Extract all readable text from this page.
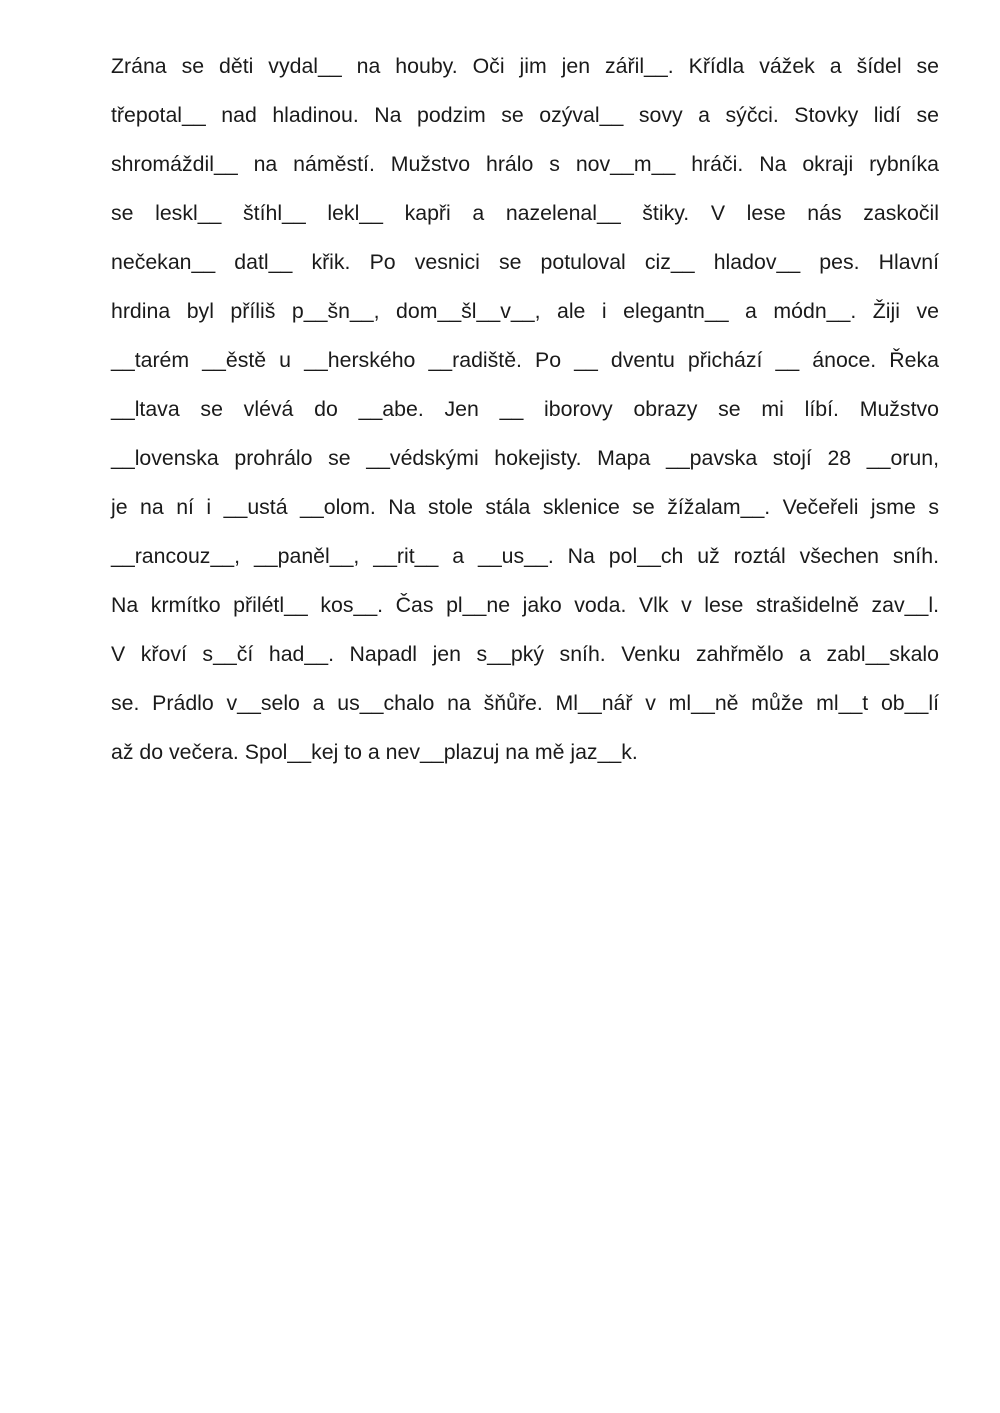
Zrána se děti vydal__ na houby. Oči jim jen zářil__. Křídla vážek a šídel se
třepotal__ nad hladinou. Na podzim se ozýval__ sovy a sýčci. Stovky lidí se
shromáždil__ na náměstí. Mužstvo hrálo s nov__m__ hráči. Na okraji rybníka
se leskl__ štíhl__ lekl__ kapři a nazelenal__ štiky. V lese nás zaskočil
nečekan__ datl__ křik. Po vesnici se potuloval ciz__ hladov__ pes. Hlavní
hrdina byl příliš p__šn__, dom__šl__v__, ale i elegantn__ a módn__. Žiji ve
__tarém __ěstě u __herského __radiště. Po __ dventu přichází __ ánoce. Řeka
__ltava se vlévá do __abe. Jen __ iborovy obrazy se mi líbí. Mužstvo
__lovenska prohrálo se __védskými hokejisty. Mapa __pavska stojí 28 __orun,
je na ní i __ustá __olom. Na stole stála sklenice se žížalam__. Večeřeli jsme s
__rancouz__, __paněl__, __rit__ a __us__. Na pol__ch už roztál všechen sníh.
Na krmítko přilétl__ kos__. Čas pl__ne jako voda. Vlk v lese strašidelně zav__l.
V křoví s__čí had__. Napadl jen s__pký sníh. Venku zahřmělo a zabl__skalo
se. Prádlo v__selo a us__chalo na šňůře. Ml__nář v ml__ně může ml__t ob__lí
až do večera. Spol__kej to a nev__plazuj na mě jaz__k.
